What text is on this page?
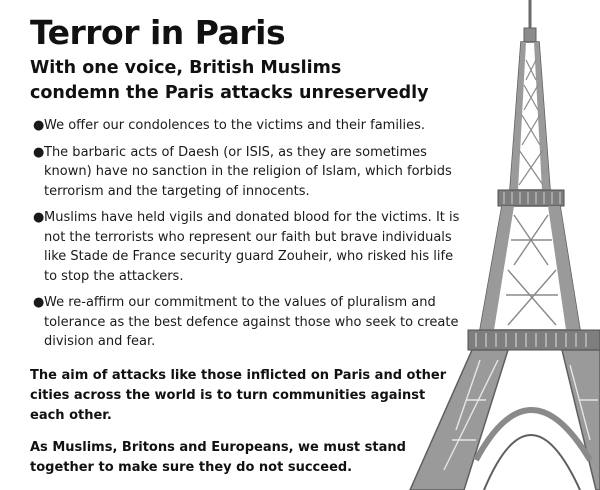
Terror in Paris
With one voice, British Muslims
condemn the Paris attacks unreservedly
● We offer our condolences to the victims and their families.
● The barbaric acts of Daesh (or ISIS, as they are sometimes known) have no sanction in the religion of Islam, which forbids terrorism and the targeting of innocents.
● Muslims have held vigils and donated blood for the victims. It is not the terrorists who represent our faith but brave individuals like Stade de France security guard Zouheir, who risked his life to stop the attackers.
● We re-affirm our commitment to the values of pluralism and tolerance as the best defence against those who seek to create division and fear.

The aim of attacks like those inflicted on Paris and other cities across the world is to turn communities against each other.

As Muslims, Britons and Europeans, we must stand together to make sure they do not succeed.
